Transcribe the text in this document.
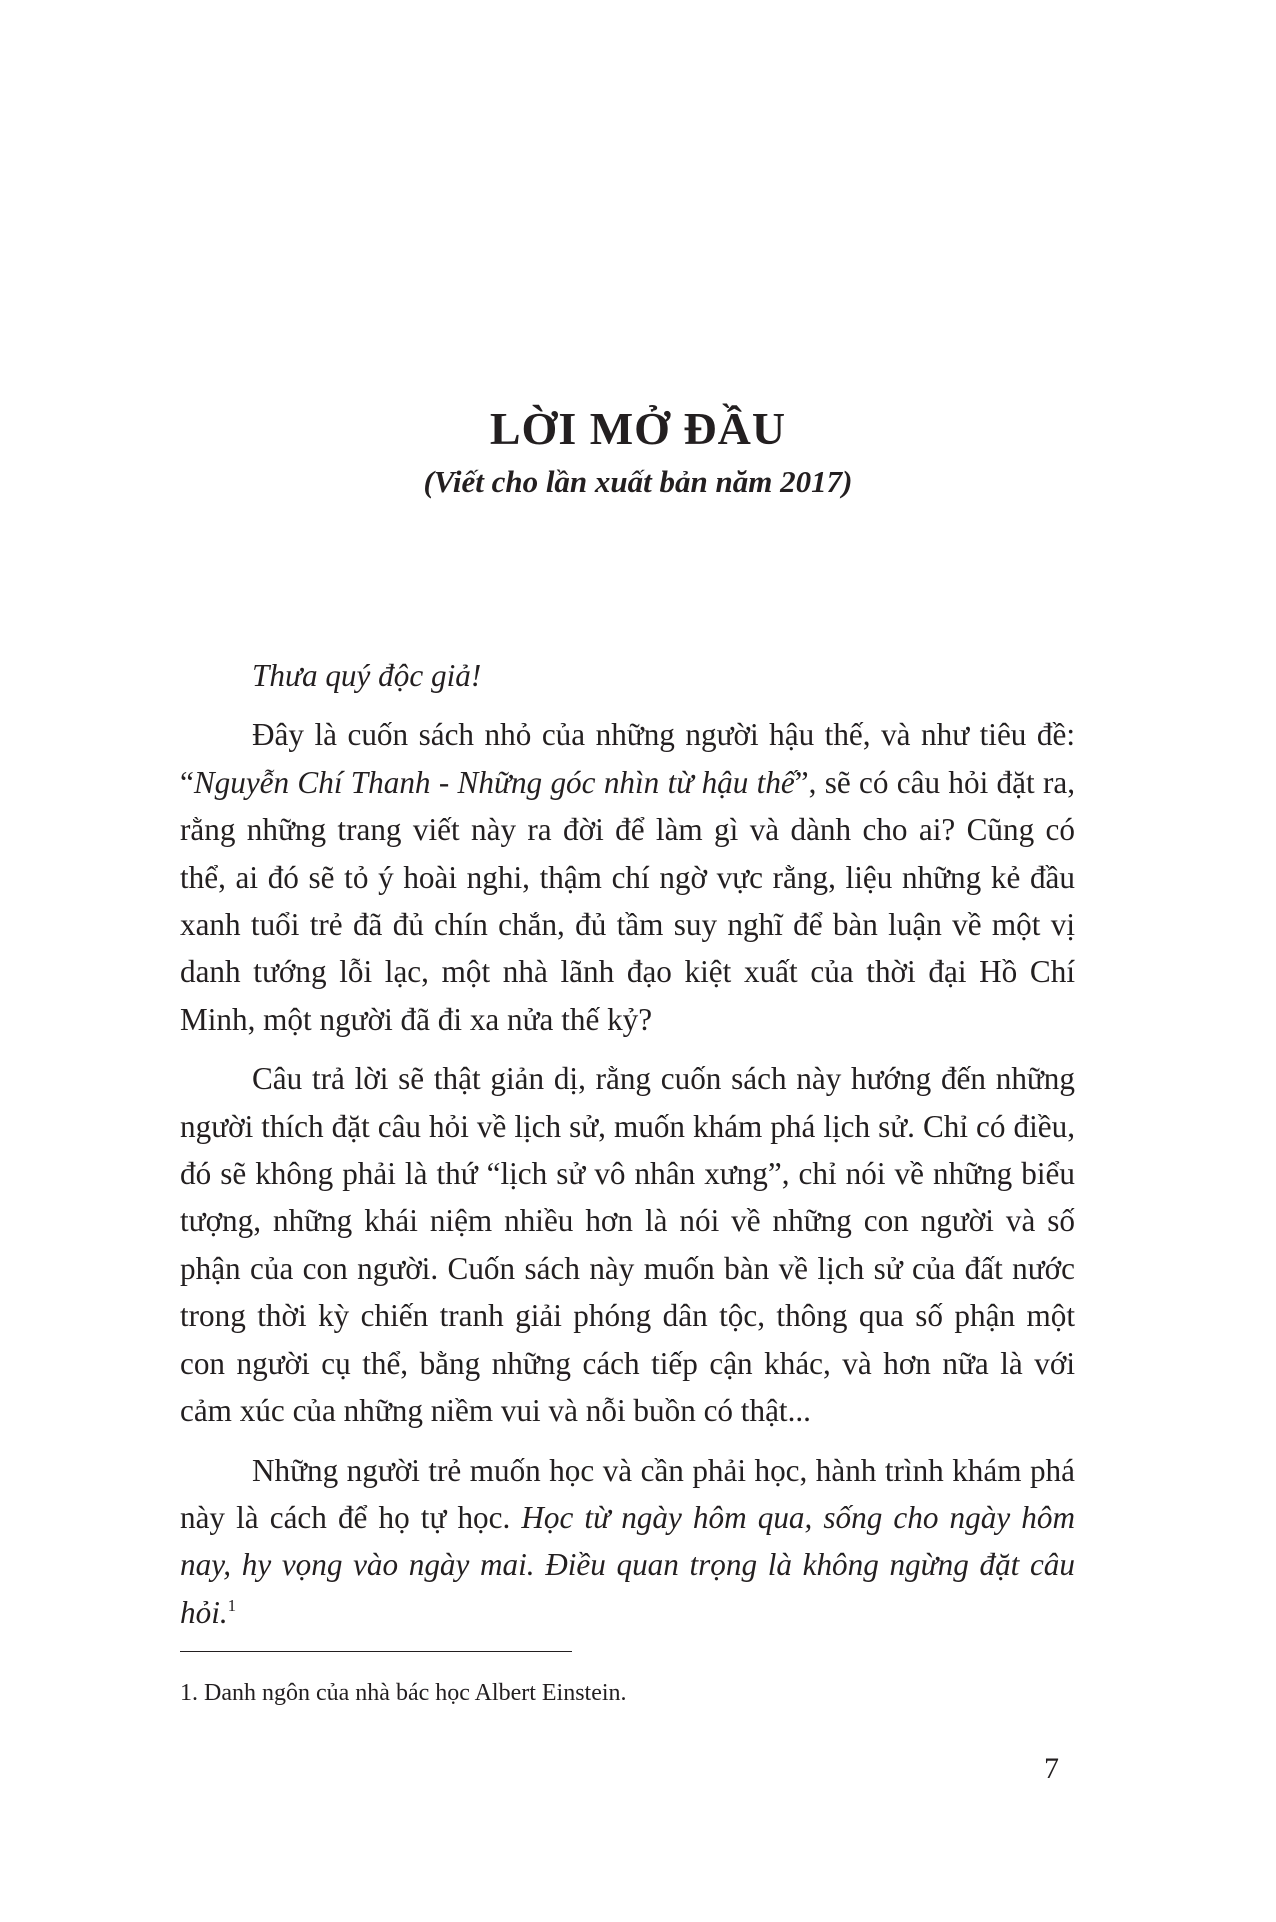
LỜI MỞ ĐẦU
(Viết cho lần xuất bản năm 2017)

Thưa quý độc giả!

Đây là cuốn sách nhỏ của những người hậu thế, và như tiêu đề: “Nguyễn Chí Thanh - Những góc nhìn từ hậu thế”, sẽ có câu hỏi đặt ra, rằng những trang viết này ra đời để làm gì và dành cho ai? Cũng có thể, ai đó sẽ tỏ ý hoài nghi, thậm chí ngờ vực rằng, liệu những kẻ đầu xanh tuổi trẻ đã đủ chín chắn, đủ tầm suy nghĩ để bàn luận về một vị danh tướng lỗi lạc, một nhà lãnh đạo kiệt xuất của thời đại Hồ Chí Minh, một người đã đi xa nửa thế kỷ?

Câu trả lời sẽ thật giản dị, rằng cuốn sách này hướng đến những người thích đặt câu hỏi về lịch sử, muốn khám phá lịch sử. Chỉ có điều, đó sẽ không phải là thứ “lịch sử vô nhân xưng”, chỉ nói về những biểu tượng, những khái niệm nhiều hơn là nói về những con người và số phận của con người. Cuốn sách này muốn bàn về lịch sử của đất nước trong thời kỳ chiến tranh giải phóng dân tộc, thông qua số phận một con người cụ thể, bằng những cách tiếp cận khác, và hơn nữa là với cảm xúc của những niềm vui và nỗi buồn có thật...

Những người trẻ muốn học và cần phải học, hành trình khám phá này là cách để họ tự học. Học từ ngày hôm qua, sống cho ngày hôm nay, hy vọng vào ngày mai. Điều quan trọng là không ngừng đặt câu hỏi.$^1$

1. Danh ngôn của nhà bác học Albert Einstein.

7
